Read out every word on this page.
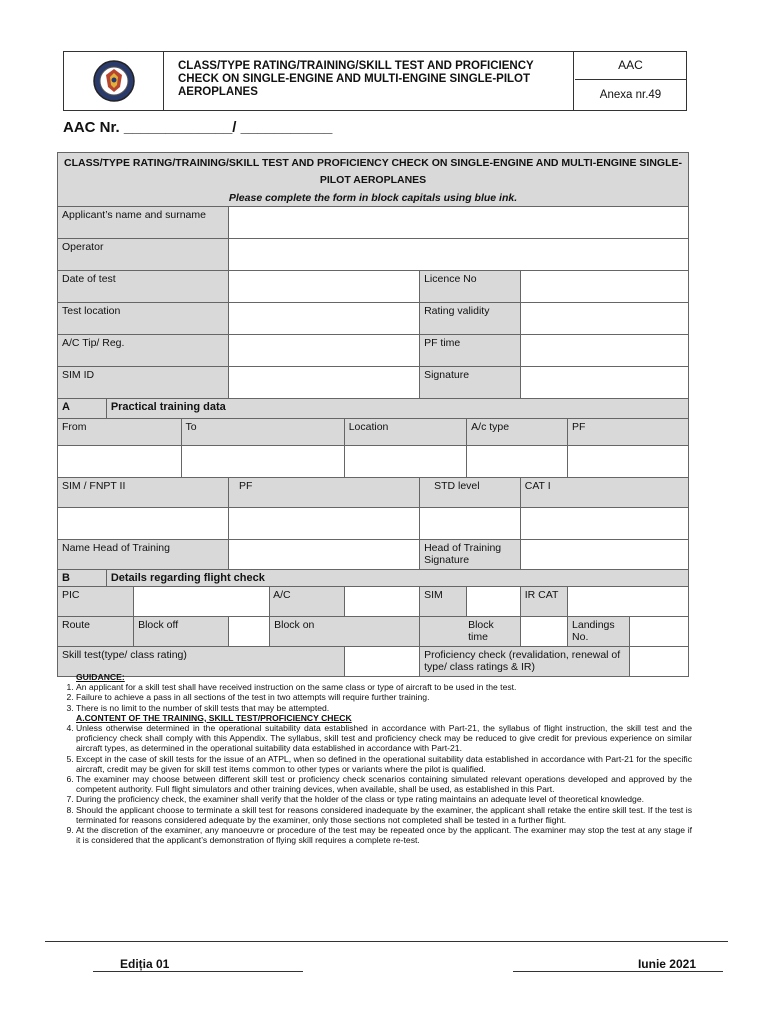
CLASS/TYPE RATING/TRAINING/SKILL TEST AND PROFICIENCY CHECK ON SINGLE-ENGINE AND MULTI-ENGINE SINGLE-PILOT AEROPLANES
AAC
Anexa nr.49
AAC Nr. _____________/ ___________
CLASS/TYPE RATING/TRAINING/SKILL TEST AND PROFICIENCY CHECK ON SINGLE-ENGINE AND MULTI-ENGINE SINGLE-PILOT AEROPLANES											
Please complete the form in block capitals using blue ink.											
Applicant’s name and surname											
Operator											
Date of test							Licence No				
Test location							Rating validity				
A/C Tip/ Reg.							PF time				
SIM ID							Signature				
A	Practical training data										
From			To			Location		A/c type		PF	

SIM / FNPT II				PF			STD level		CAT I		

Name Head of Training							Head of Training Signature				
B	Details regarding flight check										
PIC					A/C		SIM		IR CAT		
Route		Block off			Block on		Block time			Landings No.	
Skill test(type/ class rating)							Proficiency check (revalidation, renewal of type/ class ratings & IR)				
GUIDANCE:
1. An applicant for a skill test shall have received instruction on the same class or type of aircraft to be used in the test.
2. Failure to achieve a pass in all sections of the test in two attempts will require further training.
3. There is no limit to the number of skill tests that may be attempted.
A.CONTENT OF THE TRAINING, SKILL TEST/PROFICIENCY CHECK
4. Unless otherwise determined in the operational suitability data established in accordance with Part-21, the syllabus of flight instruction, the skill test and the proficiency check shall comply with this Appendix. The syllabus, skill test and proficiency check may be reduced to give credit for previous experience on similar aircraft types, as determined in the operational suitability data established in accordance with Part-21.
5. Except in the case of skill tests for the issue of an ATPL, when so defined in the operational suitability data established in accordance with Part-21 for the specific aircraft, credit may be given for skill test items common to other types or variants where the pilot is qualified.
6. The examiner may choose between different skill test or proficiency check scenarios containing simulated relevant operations developed and approved by the competent authority. Full flight simulators and other training devices, when available, shall be used, as established in this Part.
7. During the proficiency check, the examiner shall verify that the holder of the class or type rating maintains an adequate level of theoretical knowledge.
8. Should the applicant choose to terminate a skill test for reasons considered inadequate by the examiner, the applicant shall retake the entire skill test. If the test is terminated for reasons considered adequate by the examiner, only those sections not completed shall be tested in a further flight.
9. At the discretion of the examiner, any manoeuvre or procedure of the test may be repeated once by the applicant. The examiner may stop the test at any stage if it is considered that the applicant’s demonstration of flying skill requires a complete re-test.
Ediția 01	Iunie 2021
